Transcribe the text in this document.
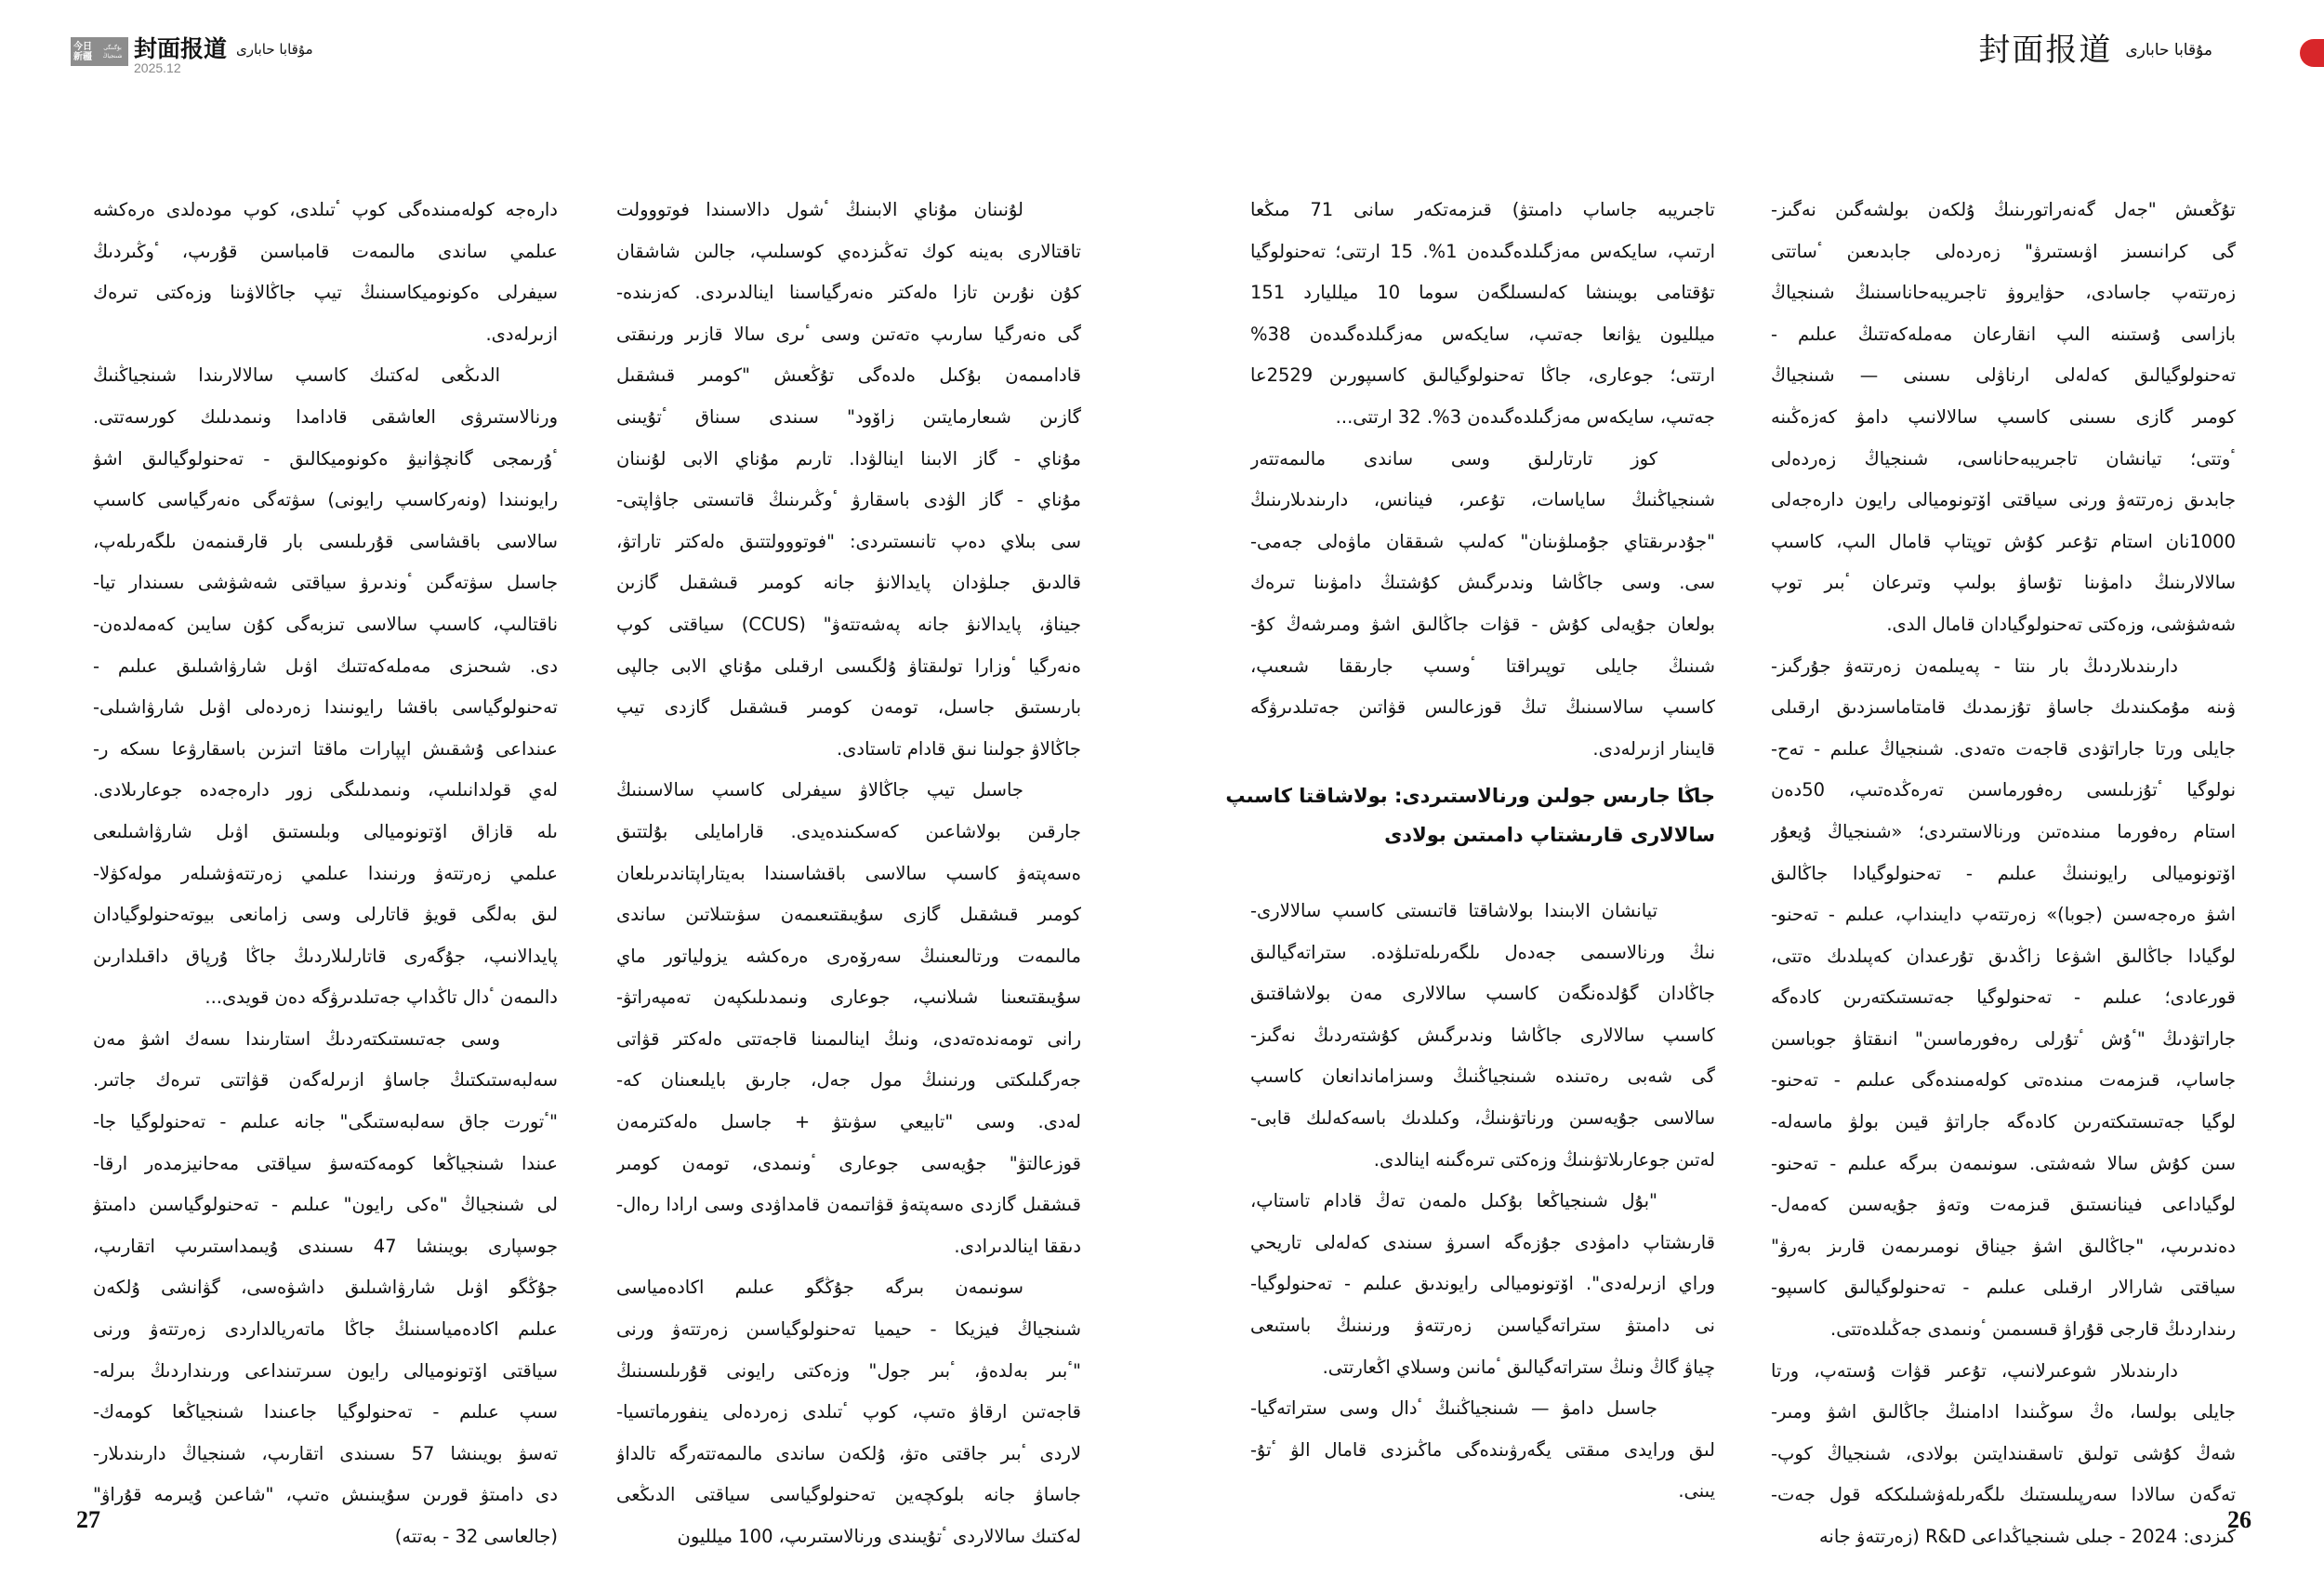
今日新疆
بۇگىنگى شىنجياڭ 封面报道 مۇقابا حاباری
2025.12
دارەجە كولەمىندەگى كوپ ٴتىلدى، كوپ مودەلدى ەرەكشە
عىلمي ساندى مالىمەت قامباسىن قۇرىپ، ٴوڭىردىڭ
سيفرلى ەكونوميكاسىنىڭ تيپ جاڭالاۋىنا وزەكتى تىرەك
ازىرلەدى.
الدىڭعى لەكتىك كاسىپ سالالارىندا شىنجياڭنىڭ
ورنالاستىرۋى العاشقى قادامدا ونىمدىلىك كورسەتتى.
ٴۇرىمجى گانچۋانيۋ ەكونوميكالىق - تەحنولوگيالىق اشۋ
رايونىندا (ونەركاسىپ رايونى) سۋتەگى ەنەرگياسى كاسىپ
سالاسى باقشاسى قۇرىلىسى بار قارقىنمەن ىلگەرىلەپ،
جاسىل سۋتەگىن ٴوندىرۋ سياقتى شەشۋشى ىسىندار تيا-
ناقتالىپ، كاسىپ سالاسى تىزبەگى كۇن سايىن كەمەلدەن-
دى. شىحىزى مەملەكەتتىك اۋىل شارۋاشىلىق عىلىم -
تەحنولوگياسى باقشا رايونىندا زەردەلى اۋىل شارۋاشىلى-
عىنداعى ۇشقىش اپپارات ماقتا اتىزىن باسقارۋعا ىسكە ر-
لەي قولدانىلىپ، ونىمدىلىگى زور دارەجەدە جوعارىلادى.
ىلە قازاق اۆتونوميالى وبلىستىق اۋىل شارۋاشىلىعى
عىلمي زەرتتەۋ ورنىندا عىلمي زەرتتەۋشىلەر مولەكۋلا-
لىق بەلگى قويۋ قاتارلى وسى زامانعى بيوتەحنولوگيادان
پايدالانىپ، جۇگەرى قاتارلىلاردىڭ جاڭا ۇرپاق داقىلدارىن
دالىمەن ٴدال تاڭداپ جەتىلدىرۋگە دەن قويدى...
وسى جەتىستىكتەردىڭ استارىندا ىسەك اشۋ مەن
سەلبەستىكتىڭ جاساۋ ازىرلەگەن قۋاتتى تىرەك جاتىر.
"ٴتورت جاق سەلبەستىگى" جانە عىلىم - تەحنولوگيا جا-
عىندا شىنجياڭعا كومەكتەسۋ سياقتى مەحانيزمدەر ارقا-
لى شىنجياڭ "ەكى رايون" عىلىم - تەحنولوگياسىن دامىتۋ
جوسپارى بويىنشا 47 ىسىندى ۇيىمداستىرىپ اتقارىپ،
جۇڭگو اۋىل شارۋاشىلىق داشۋەسى، گۋانشى ۇلكەن
عىلىم اكادەمياسىنىڭ جاڭا ماتەريالداردى زەرتتەۋ ورنى
سياقتى اۆتونوميالى رايون سىرتىنداعى ورىنداردىڭ بىرلە-
سىپ عىلىم - تەحنولوگيا جاعىندا شىنجياڭعا كومەك-
تەسۋ بويىنشا 57 ىسىندى اتقارىپ، شىنجياڭ دارىندىلار-
دى دامىتۋ قورىن سۇيىنىش ەتىپ، "شاعىن ۇيىرمە قۇراۋ"
(جالعاسى 32 - بەتتە)
لۇنىنان مۇناي الابىنىڭ ٴشول دالاسىندا فوتووولت
تاقتالارى بەينە كوك تەڭىزدەي كوسىلىپ، جالىن شاشقان
كۇن نۇرىن تازا ەلەكتر ەنەرگياسىنا اينالدىردى. كەزىندە-
گى ەنەرگيا سارىپ ەتەتىن وسى ٴىرى سالا قازىر ورنىقتى
قادامىمەن بۇكىل ەلدەگى تۇڭعىش "كومىر قىشقىل
گازىن شىعارمايتىن زاۆود" سىندى سىناق ٴتۇيىنى
مۇناي - گاز الابىنا اينالۋدا. تارىم مۇناي الابى لۇنىنان
مۇناي - گاز الۋدى باسقارۋ ٴوڭىرىنىڭ قاتىستى جاۋاپتى-
سى بىلاي دەپ تانىستىردى: "فوتووولتتىق ەلەكتر تاراتۋ،
قالدىق جىلۋدان پايدالانۋ جانە كومىر قىشقىل گازىن
جيناۋ، پايدالانۋ جانە پەشەتتەۋ" (CCUS) سياقتى كوپ
ەنەرگيا ٴوزارا تولىقتاۋ ۇلگىسى ارقىلى مۇناي الابى جالپى
بارىستىق جاسىل، تومەن كومىر قىشقىل گازدى تيپ
جاڭالاۋ جولىنا نىق قادام تاستادى.
جاسىل تيپ جاڭالاۋ سيفرلى كاسىپ سالاسىنىڭ
جارقىن بولاشاعىن كەسكىندەيدى. قارامايلى بۇلتتىق
ەسەپتەۋ كاسىپ سالاسى باقشاسىندا بەيتاراپتاندىرىلعان
كومىر قىشقىل گازى سۇيىقتىعىمەن سۋىتىلاتىن ساندى
مالىمەت ورتالىعىنىڭ سەرۆەرى ەرەكشە يزولياتور ماي
سۇيىقتىعىنا شىلانىپ، جوعارى ونىمدىلىكپەن تەمپەراتۋ-
رانى تومەندەتەدى، ونىڭ اينالىمىنا قاجەتتى ەلەكتر قۋاتى
جەرگىلىكتى ورنىنىڭ مول جەل، جارىق بايلىعىنان كە-
لەدى. وسى "تابيعي سۋىتۋ + جاسىل ەلەكترمەن
قوزعالتۋ" جۇيەسى جوعارى ٴونىمدى، تومەن كومىر
قىشقىل گازدى ەسەپتەۋ قۋاتىمەن قامداۋدى وسى ارادا رەال-
دىققا اينالدىرادى.
سونىمەن بىرگە جۇڭگو عىلىم اكادەمياسى
شىنجياڭ فيزيكا - حيميا تەحنولوگياسىن زەرتتەۋ ورنى
"ٴبىر بەلدەۋ، ٴبىر جول" وزەكتى رايونى قۇرىلىسىنىڭ
قاجەتىن ارقاۋ ەتىپ، كوپ ٴتىلدى زەردەلى ينفورماتسيا-
لاردى ٴبىر جاقتى ەتۋ، ۇلكەن ساندى مالىمەتتەرگە تالداۋ
جاساۋ جانە بلوكچەين تەحنولوگياسى سياقتى الدىڭعى
لەكتىك سالالاردى ٴتۇيىندى ورنالاستىرىپ، 100 ميلليون
27
封面报道 مۇقابا حاباری
تاجىريبە جاساپ دامىتۋ) قىزمەتكەر سانى 71 مىڭعا
ارتىپ، سايكەس مەزگىلدەگىدەن 1%. 15 ارتتى؛ تەحنولوگيا
تۇقتامى بويىنشا كەلىسىلگەن سوما 10 ميلليارد 151
ميلليون يۋانعا جەتىپ، سايكەس مەزگىلدەگىدەن 38%
ارتتى؛ جوعارى، جاڭا تەحنولوگيالىق كاسىپورىن 2529عا
جەتىپ، سايكەس مەزگىلدەگىدەن 3%. 32 ارتتى...
كوز تارتارلىق وسى ساندى مالىمەتتەر
شىنجياڭنىڭ ساياسات، تۇعىر، فينانس، دارىندىلارىنىڭ
"جۇدىرىقتاي جۇمىلۋىنان" كەلىپ شىققان ماۋەلى جەمى-
سى. وسى جاڭاشا وندىرگىش كۇشتىڭ دامۋىنا تىرەك
بولعان جۇيەلى كۇش - قۋات جاڭالىق اشۋ ومىرشەڭ كۇ-
شىنىڭ جايلى توپىراقتا ٴوسىپ جارىققا شىعىپ،
كاسىپ سالاسىنىڭ تىڭ قوزعالىس قۋاتىن جەتىلدىرۋگە
قايىنار ازىرلەدى.
جاڭا جارىس جولىن ورنالاستىردى: بولاشاقتا كاسىپ
سالالارى قارىشتاپ دامىتىن بولادى
تيانشان الابىندا بولاشاقتا قاتىستى كاسىپ سالالارى-
نىڭ ورنالاسىمى جەدەل ىلگەرىلەتىلۋدە. ستراتەگيالىق
جاڭادان گۇلدەنگەن كاسىپ سالالارى مەن بولاشاقتىق
كاسىپ سالالارى جاڭاشا وندىرگىش كۇشتەردىڭ نەگىز-
گى شەبى رەتىندە شىنجياڭنىڭ وسىزاماندانعان كاسىپ
سالاسى جۇيەسىن ورناتۋىنىڭ، وكىلدىك باسەكەلىك قابى-
لەتىن جوعارىلاتۋىنىڭ وزەكتى تىرەگىنە اينالدى.
"بۇل شىنجياڭعا بۇكىل ەلمەن تەڭ قادام تاستاپ،
قارىشتاپ دامۋدى جۇزەگە اسىرۋ سىندى كەلەلى تاريحي
وراي ازىرلەدى". اۆتونوميالى رايوندىق عىلىم - تەحنولوگيا-
نى دامىتۋ ستراتەگياسىن زەرتتەۋ ورنىنىڭ باستىعى
چياۋ گاڭ ونىڭ ستراتەگيالىق ٴمانىن وسىلاي اڭعارتتى.
جاسىل دامۋ — شىنجياڭنىڭ ٴدال وسى ستراتەگيا-
لىق ورايدى مىقتى يگەرۋىندەگى ماڭىزدى قامال الۋ ٴتۇ-
يىنى.
تۇڭعىش "جەل گەنەراتورىنىڭ ۇلكەن بولشەگىن نەگىز-
گى كرانىسىز اۋىستىرۋ" زەردەلى جابدىعىن ٴساتتى
زەرتتەپ جاسادى، حۋايروۋ تاجىريبەحاناسىنىڭ شىنجياڭ
بازاسى ۇستىنە الىپ انقارعان مەملەكەتتىڭ عىلىم -
تەحنولوگيالىق كەلەلى ارناۋلى ىسىنى — شىنجياڭ
كومىر گازى ىسىنى كاسىپ سالالانىپ دامۋ كەزەڭىنە
ٴوتتى؛ تيانشان تاجىريبەحاناسى، شىنجياڭ زەردەلى
جابدىق زەرتتەۋ ورنى سياقتى اۆتونوميالى رايون دارەجەلى
1000نان استام تۇعىر كۇش توپتاپ قامال الىپ، كاسىپ
سالالارىنىڭ دامۋىنا تۇساۋ بولىپ وتىرعان ٴبىر توپ
شەشۋشى، وزەكتى تەحنولوگيادان قامال الدى.
دارىندىلاردىڭ بار ىنتا - پەيىلمەن زەرتتەۋ جۇرگىز-
ۋىنە مۇمكىندىك جاساۋ تۇزىمدىك قامتاماسىزدىق ارقىلى
جايلى ورتا جاراتۋدى قاجەت ەتەدى. شىنجياڭ عىلىم - تەح-
نولوگيا ٴتۇزىلىسى رەفورماسىن تەرەڭدەتىپ، 50دەن
استام رەفورما مىندەتىن ورنالاستىردى؛ «شىنجياڭ ۇيعۇر
اۆتونوميالى رايونىنىڭ عىلىم - تەحنولوگيادا جاڭالىق
اشۋ ەرەجەسىن (جوبا)» زەرتتەپ دايىنداپ، عىلىم - تەحنو-
لوگيادا جاڭالىق اشۋعا زاڭدىق تۇرعىدان كەپىلدىك ەتتى،
قورعادى؛ عىلىم - تەحنولوگيا جەتىستىكتەرىن كادەگە
جاراتۋدىڭ "ٴۇش ٴتۇرلى رەفورماسىن" انىقتاۋ جوباسىن
جاساپ، قىزمەت مىندەتى كولەمىندەگى عىلىم - تەحنو-
لوگيا جەتىستىكتەرىن كادەگە جاراتۋ قيىن بولۋ ماسەلە-
سىن كۇش سالا شەشتى. سونىمەن بىرگە عىلىم - تەحنو-
لوگياداعى فينانستىق قىزمەت وتەۋ جۇيەسىن كەمەل-
دەندىرىپ، "جاڭالىق اشۋ جيناق نومىرىمەن قارىز بەرۋ"
سياقتى شارالار ارقىلى عىلىم - تەحنولوگيالىق كاسىپو-
رىنداردىڭ قارجى قۇراۋ قىسىمىن ٴونىمدى جەڭىلدەتتى.
دارىندىلار شوعىرلانىپ، تۇعىر قۋات ۇستەپ، ورتا
جايلى بولسا، ەڭ سوڭىندا ادامنىڭ جاڭالىق اشۋ ومىر-
شەڭ كۇشى تولىق تاسقىندايتىن بولادى، شىنجياڭ كوپ-
تەگەن سالادا سەرپىلىستىك ىلگەرىلەۋشىلىككە قول جەت-
كىزدى: 2024 - جىلى شىنجياڭداعى R&D (زەرتتەۋ جانە
26
